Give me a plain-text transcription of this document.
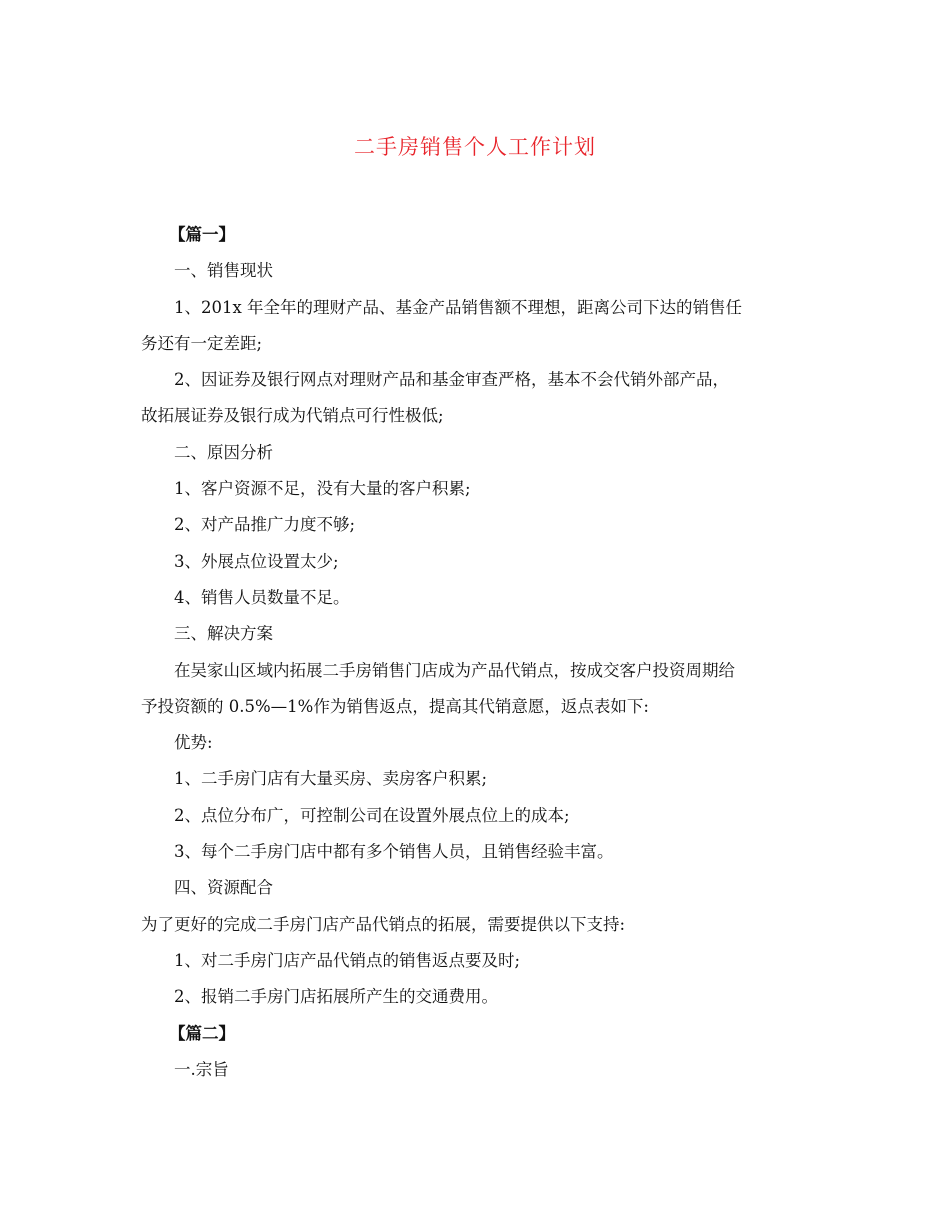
二手房销售个人工作计划
【篇一】
一、销售现状
1、201x 年全年的理财产品、基金产品销售额不理想，距离公司下达的销售任
务还有一定差距;
2、因证券及银行网点对理财产品和基金审查严格，基本不会代销外部产品，
故拓展证券及银行成为代销点可行性极低;
二、原因分析
1、客户资源不足，没有大量的客户积累;
2、对产品推广力度不够;
3、外展点位设置太少;
4、销售人员数量不足。
三、解决方案
在吴家山区域内拓展二手房销售门店成为产品代销点，按成交客户投资周期给
予投资额的 0.5%—1%作为销售返点，提高其代销意愿，返点表如下:
优势:
1、二手房门店有大量买房、卖房客户积累;
2、点位分布广，可控制公司在设置外展点位上的成本;
3、每个二手房门店中都有多个销售人员，且销售经验丰富。
四、资源配合
为了更好的完成二手房门店产品代销点的拓展，需要提供以下支持:
1、对二手房门店产品代销点的销售返点要及时;
2、报销二手房门店拓展所产生的交通费用。
【篇二】
一.宗旨
